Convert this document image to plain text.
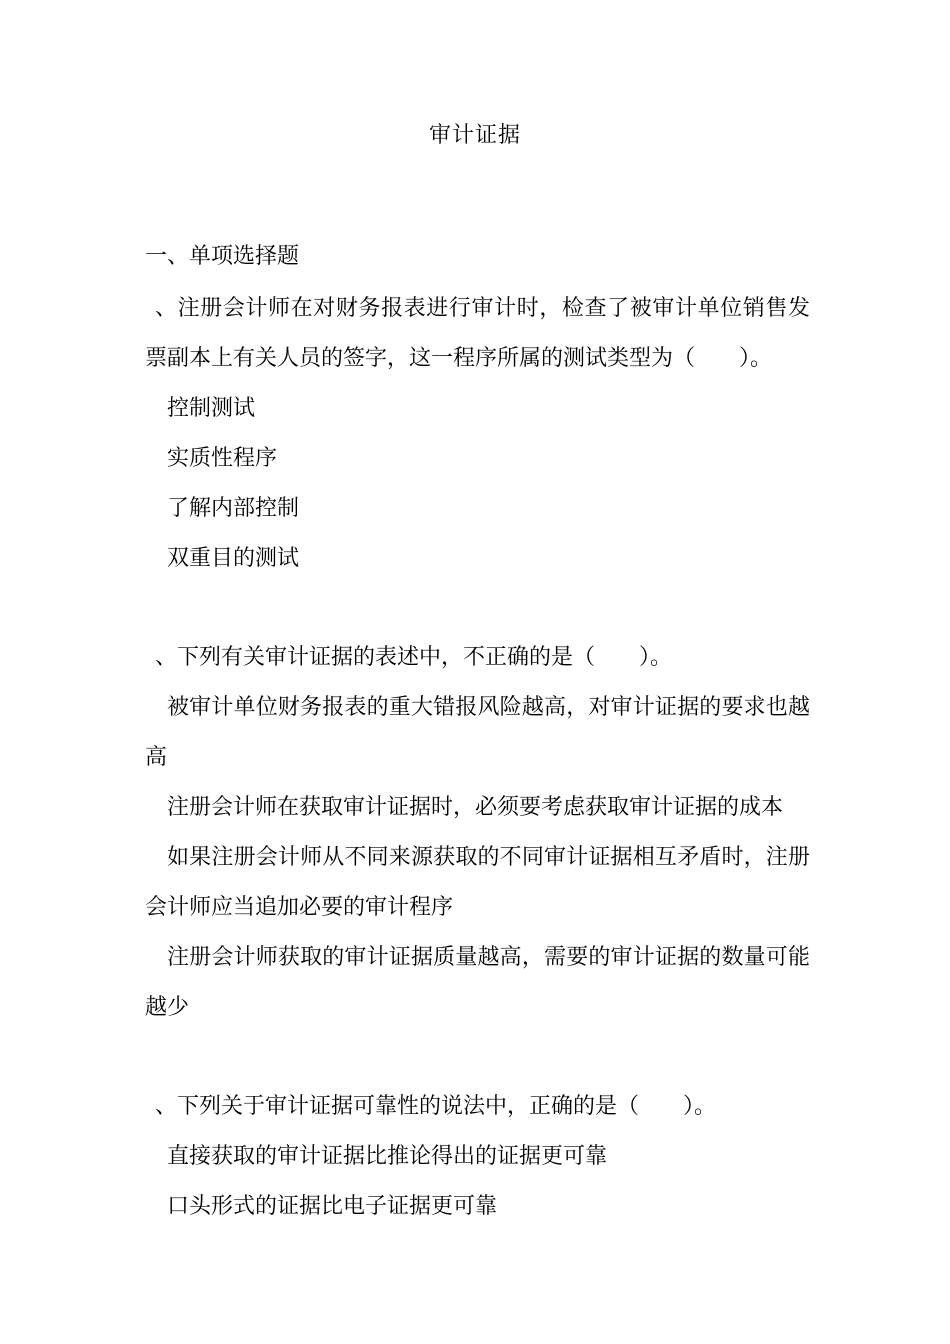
审计证据
一、单项选择题

、注册会计师在对财务报表进行审计时，检查了被审计单位销售发票副本上有关人员的签字，这一程序所属的测试类型为（　　）。

控制测试

实质性程序

了解内部控制

双重目的测试

、下列有关审计证据的表述中，不正确的是（　　）。

被审计单位财务报表的重大错报风险越高，对审计证据的要求也越高

注册会计师在获取审计证据时，必须要考虑获取审计证据的成本

如果注册会计师从不同来源获取的不同审计证据相互矛盾时，注册会计师应当追加必要的审计程序

注册会计师获取的审计证据质量越高，需要的审计证据的数量可能越少

、下列关于审计证据可靠性的说法中，正确的是（　　）。

直接获取的审计证据比推论得出的证据更可靠

口头形式的证据比电子证据更可靠
